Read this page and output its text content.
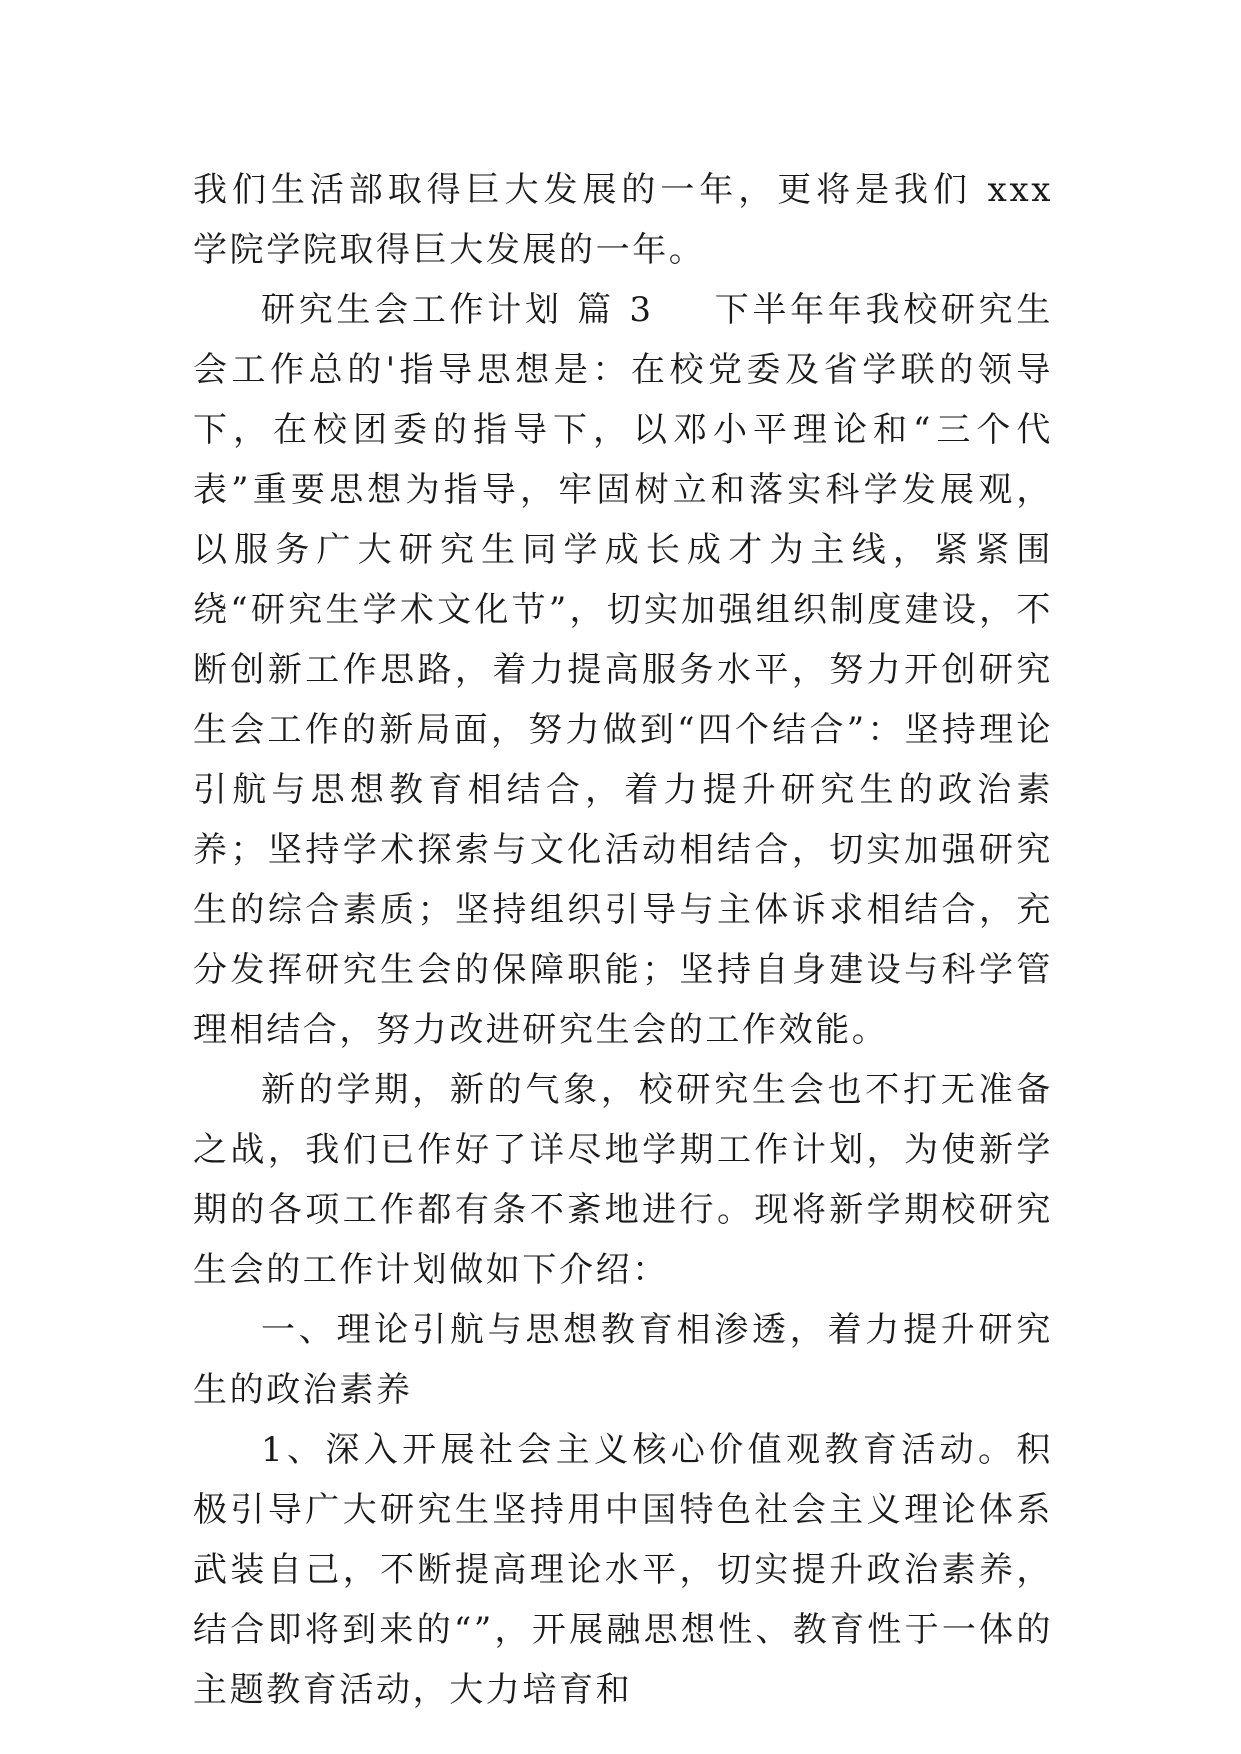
我们生活部取得巨大发展的一年，更将是我们 xxx 学院学院取得巨大发展的一年。

研究生会工作计划 篇 3 下半年年我校研究生会工作总的'指导思想是：在校党委及省学联的领导下，在校团委的指导下，以邓小平理论和“三个代表”重要思想为指导，牢固树立和落实科学发展观，以服务广大研究生同学成长成才为主线，紧紧围绕“研究生学术文化节”，切实加强组织制度建设，不断创新工作思路，着力提高服务水平，努力开创研究生会工作的新局面，努力做到“四个结合”：坚持理论引航与思想教育相结合，着力提升研究生的政治素养；坚持学术探索与文化活动相结合，切实加强研究生的综合素质；坚持组织引导与主体诉求相结合，充分发挥研究生会的保障职能；坚持自身建设与科学管理相结合，努力改进研究生会的工作效能。

新的学期，新的气象，校研究生会也不打无准备之战，我们已作好了详尽地学期工作计划，为使新学期的各项工作都有条不紊地进行。现将新学期校研究生会的工作计划做如下介绍：

一、理论引航与思想教育相渗透，着力提升研究生的政治素养

1、深入开展社会主义核心价值观教育活动。积极引导广大研究生坚持用中国特色社会主义理论体系武装自己，不断提高理论水平，切实提升政治素养，结合即将到来的“”，开展融思想性、教育性于一体的主题教育活动，大力培育和
